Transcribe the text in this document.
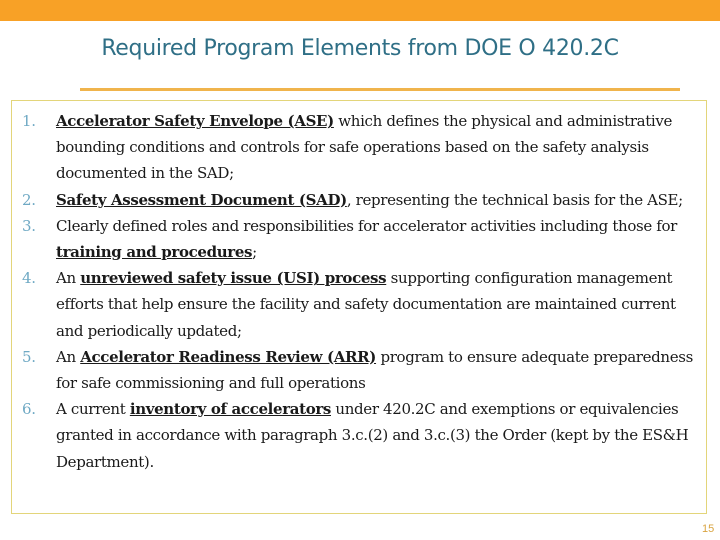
Required Program Elements from DOE O 420.2C
1. Accelerator Safety Envelope (ASE) which defines the physical and administrative bounding conditions and controls for safe operations based on the safety analysis documented in the SAD;
2. Safety Assessment Document (SAD), representing the technical basis for the ASE;
3. Clearly defined roles and responsibilities for accelerator activities including those for training and procedures;
4. An unreviewed safety issue (USI) process supporting configuration management efforts that help ensure the facility and safety documentation are maintained current and periodically updated;
5. An Accelerator Readiness Review (ARR) program to ensure adequate preparedness for safe commissioning and full operations
6. A current inventory of accelerators under 420.2C and exemptions or equivalencies granted in accordance with paragraph 3.c.(2) and 3.c.(3) the Order (kept by the ES&H Department).
15
